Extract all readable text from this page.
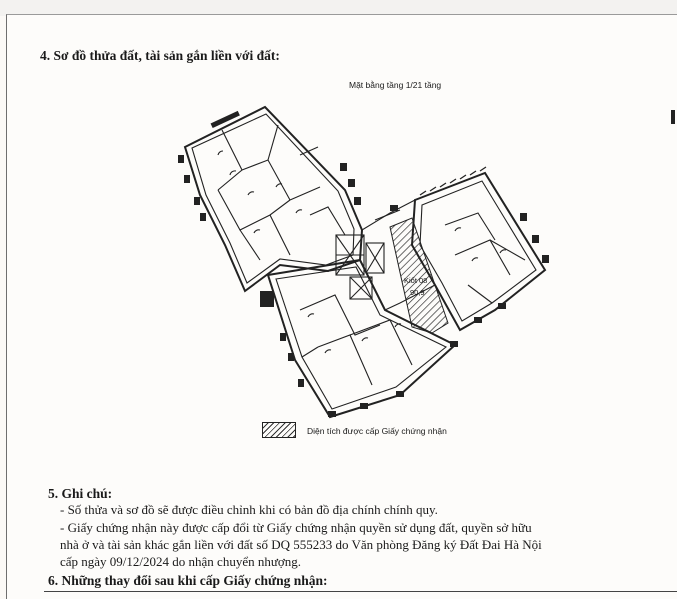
4. Sơ đồ thửa đất, tài sản gắn liền với đất:
Mặt bằng tầng 1/21 tầng
Kiốt 08
90,9
Diện tích được cấp Giấy chứng nhận
5. Ghi chú:
- Số thửa và sơ đồ sẽ được điều chỉnh khi có bản đồ địa chính chính quy.
- Giấy chứng nhận này được cấp đổi từ Giấy chứng nhận quyền sử dụng đất, quyền sở hữu
nhà ở và tài sản khác gắn liền với đất số DQ 555233 do Văn phòng Đăng ký Đất Đai Hà Nội
cấp ngày 09/12/2024 do nhận chuyển nhượng.
6. Những thay đổi sau khi cấp Giấy chứng nhận:
